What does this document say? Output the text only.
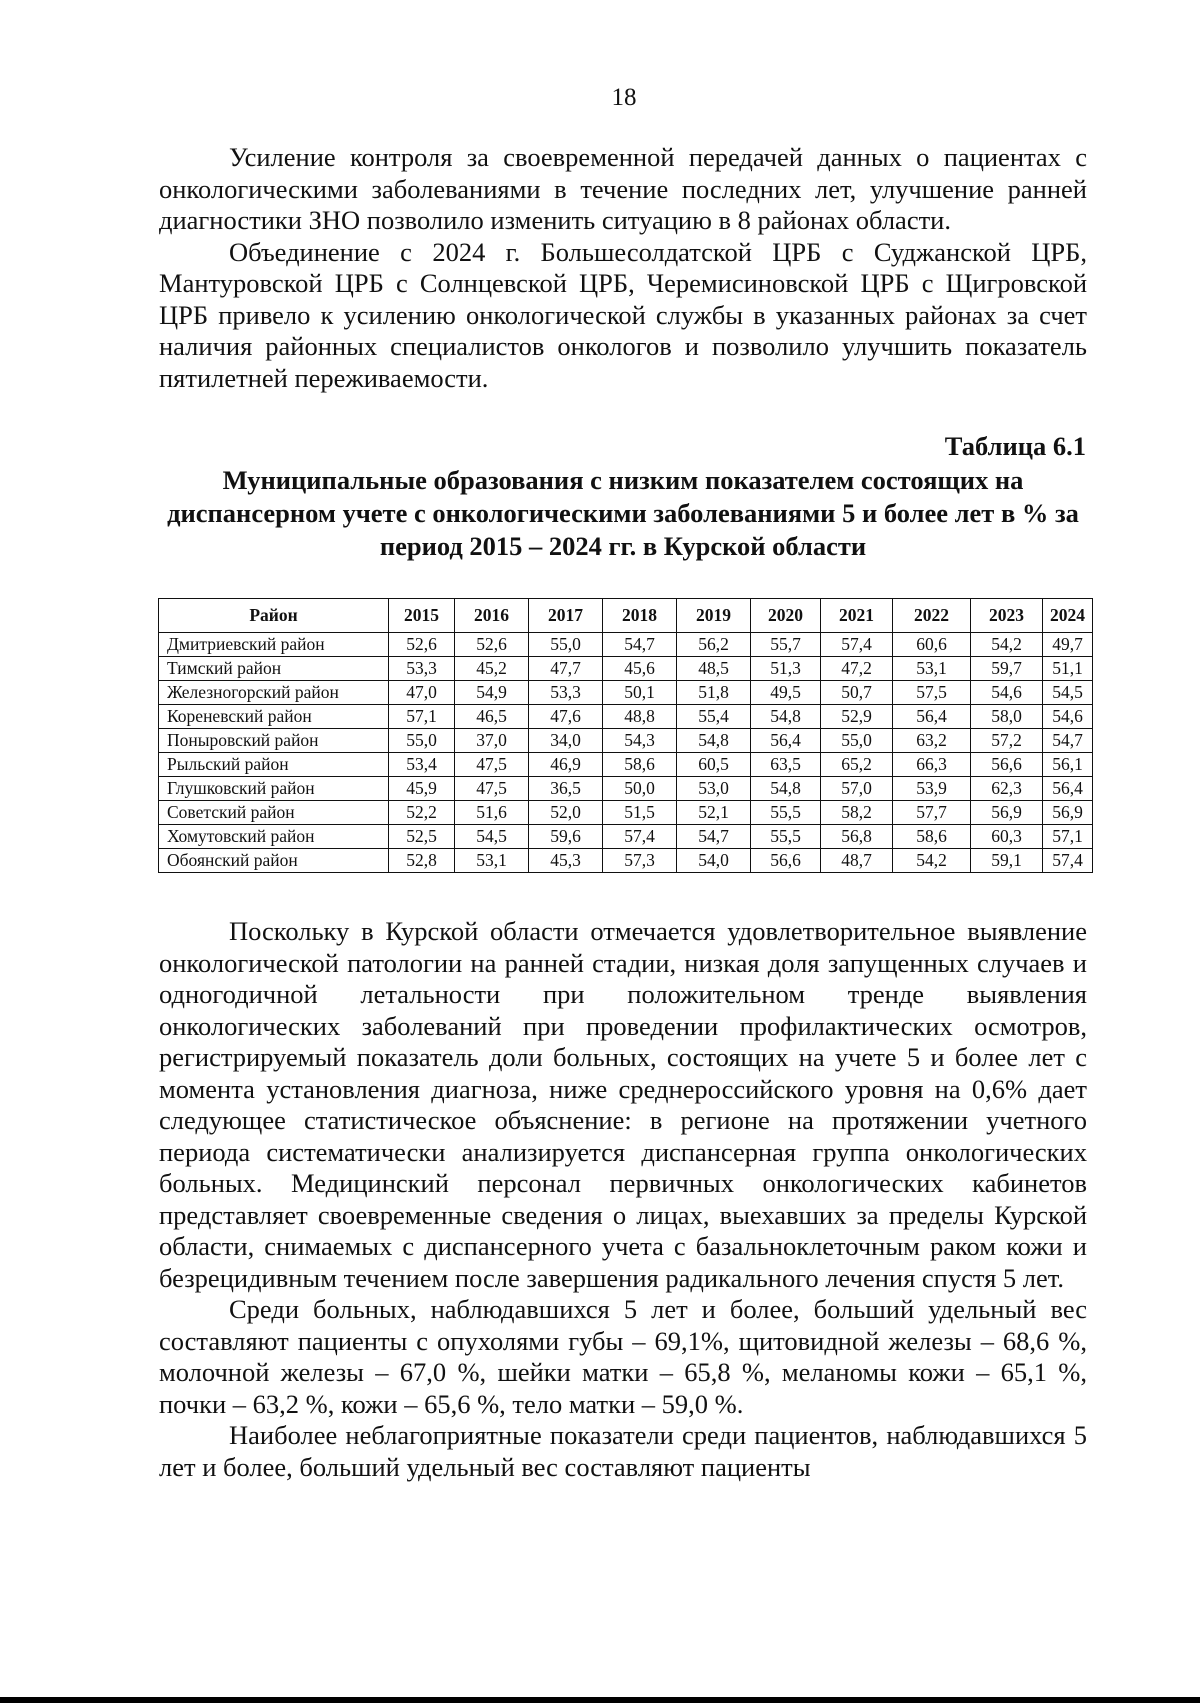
18

Усиление контроля за своевременной передачей данных о пациентах с онкологическими заболеваниями в течение последних лет, улучшение ранней диагностики ЗНО позволило изменить ситуацию в 8 районах области.

Объединение с 2024 г. Большесолдатской ЦРБ с Суджанской ЦРБ, Мантуровской ЦРБ с Солнцевской ЦРБ, Черемисиновской ЦРБ с Щигровской ЦРБ привело к усилению онкологической службы в указанных районах за счет наличия районных специалистов онкологов и позволило улучшить показатель пятилетней переживаемости.

Таблица 6.1
Муниципальные образования с низким показателем состоящих на диспансерном учете с онкологическими заболеваниями 5 и более лет в % за период 2015 – 2024 гг. в Курской области
Район	2015	2016	2017	2018	2019	2020	2021	2022	2023	2024
Дмитриевский район	52,6	52,6	55,0	54,7	56,2	55,7	57,4	60,6	54,2	49,7
Тимский район	53,3	45,2	47,7	45,6	48,5	51,3	47,2	53,1	59,7	51,1
Железногорский район	47,0	54,9	53,3	50,1	51,8	49,5	50,7	57,5	54,6	54,5
Кореневский район	57,1	46,5	47,6	48,8	55,4	54,8	52,9	56,4	58,0	54,6
Поныровский район	55,0	37,0	34,0	54,3	54,8	56,4	55,0	63,2	57,2	54,7
Рыльский район	53,4	47,5	46,9	58,6	60,5	63,5	65,2	66,3	56,6	56,1
Глушковский район	45,9	47,5	36,5	50,0	53,0	54,8	57,0	53,9	62,3	56,4
Советский район	52,2	51,6	52,0	51,5	52,1	55,5	58,2	57,7	56,9	56,9
Хомутовский район	52,5	54,5	59,6	57,4	54,7	55,5	56,8	58,6	60,3	57,1
Обоянский район	52,8	53,1	45,3	57,3	54,0	56,6	48,7	54,2	59,1	57,4

Поскольку в Курской области отмечается удовлетворительное выявление онкологической патологии на ранней стадии, низкая доля запущенных случаев и одногодичной летальности при положительном тренде выявления онкологических заболеваний при проведении профилактических осмотров, регистрируемый показатель доли больных, состоящих на учете 5 и более лет с момента установления диагноза, ниже среднероссийского уровня на 0,6% дает следующее статистическое объяснение: в регионе на протяжении учетного периода систематически анализируется диспансерная группа онкологических больных. Медицинский персонал первичных онкологических кабинетов представляет своевременные сведения о лицах, выехавших за пределы Курской области, снимаемых с диспансерного учета с базальноклеточным раком кожи и безрецидивным течением после завершения радикального лечения спустя 5 лет.

Среди больных, наблюдавшихся 5 лет и более, больший удельный вес составляют пациенты с опухолями губы – 69,1%, щитовидной железы – 68,6 %, молочной железы – 67,0 %, шейки матки – 65,8 %, меланомы кожи – 65,1 %, почки – 63,2 %, кожи – 65,6 %, тело матки – 59,0 %.

Наиболее неблагоприятные показатели среди пациентов, наблюдавшихся 5 лет и более, больший удельный вес составляют пациенты
